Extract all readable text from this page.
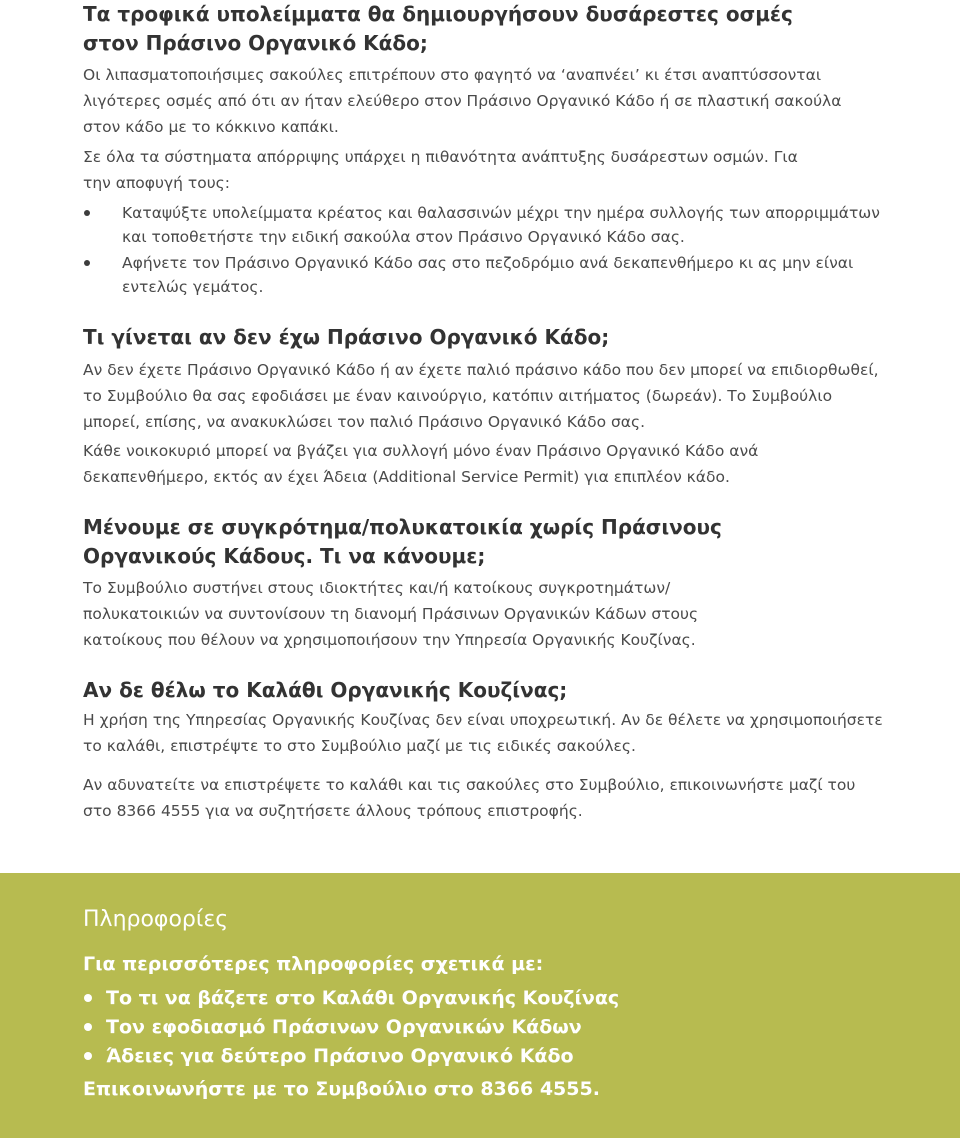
Τα τροφικά υπολείμματα θα δημιουργήσουν δυσάρεστες οσμές στον Πράσινο Οργανικό Κάδο;

Οι λιπασματοποιήσιμες σακούλες επιτρέπουν στο φαγητό να ‘αναπνέει’ κι έτσι αναπτύσσονται λιγότερες οσμές από ότι αν ήταν ελεύθερο στον Πράσινο Οργανικό Κάδο ή σε πλαστική σακούλα στον κάδο με το κόκκινο καπάκι.

Σε όλα τα σύστηματα απόρριψης υπάρχει η πιθανότητα ανάπτυξης δυσάρεστων οσμών. Για την αποφυγή τους:

Καταψύξτε υπολείμματα κρέατος και θαλασσινών μέχρι την ημέρα συλλογής των απορριμμάτων και τοποθετήστε την ειδική σακούλα στον Πράσινο Οργανικό Κάδο σας.
Αφήνετε τον Πράσινο Οργανικό Κάδο σας στο πεζοδρόμιο ανά δεκαπενθήμερο κι ας μην είναι εντελώς γεμάτος.
Τι γίνεται αν δεν έχω Πράσινο Οργανικό Κάδο;

Αν δεν έχετε Πράσινο Οργανικό Κάδο ή αν έχετε παλιό πράσινο κάδο που δεν μπορεί να επιδιορθωθεί, το Συμβούλιο θα σας εφοδιάσει με έναν καινούργιο, κατόπιν αιτήματος (δωρεάν). Το Συμβούλιο μπορεί, επίσης, να ανακυκλώσει τον παλιό Πράσινο Οργανικό Κάδο σας.

Κάθε νοικοκυριό μπορεί να βγάζει για συλλογή μόνο έναν Πράσινο Οργανικό Κάδο ανά δεκαπενθήμερο, εκτός αν έχει Άδεια (Additional Service Permit) για επιπλέον κάδο.

Μένουμε σε συγκρότημα/πολυκατοικία χωρίς Πράσινους Οργανικούς Κάδους. Τι να κάνουμε;

Το Συμβούλιο συστήνει στους ιδιοκτήτες και/ή κατοίκους συγκροτημάτων/πολυκατοικιών να συντονίσουν τη διανομή Πράσινων Οργανικών Κάδων στους κατοίκους που θέλουν να χρησιμοποιήσουν την Υπηρεσία Οργανικής Κουζίνας.

Αν δε θέλω το Καλάθι Οργανικής Κουζίνας;

Η χρήση της Υπηρεσίας Οργανικής Κουζίνας δεν είναι υποχρεωτική. Αν δε θέλετε να χρησιμοποιήσετε το καλάθι, επιστρέψτε το στο Συμβούλιο μαζί με τις ειδικές σακούλες.

Αν αδυνατείτε να επιστρέψετε το καλάθι και τις σακούλες στο Συμβούλιο, επικοινωνήστε μαζί του στο 8366 4555 για να συζητήσετε άλλους τρόπους επιστροφής.

Πληροφορίες
Για περισσότερες πληροφορίες σχετικά με:
Το τι να βάζετε στο Καλάθι Οργανικής Κουζίνας
Τον εφοδιασμό Πράσινων Οργανικών Κάδων
Άδειες για δεύτερο Πράσινο Οργανικό Κάδο
Επικοινωνήστε με το Συμβούλιο στο 8366 4555.
